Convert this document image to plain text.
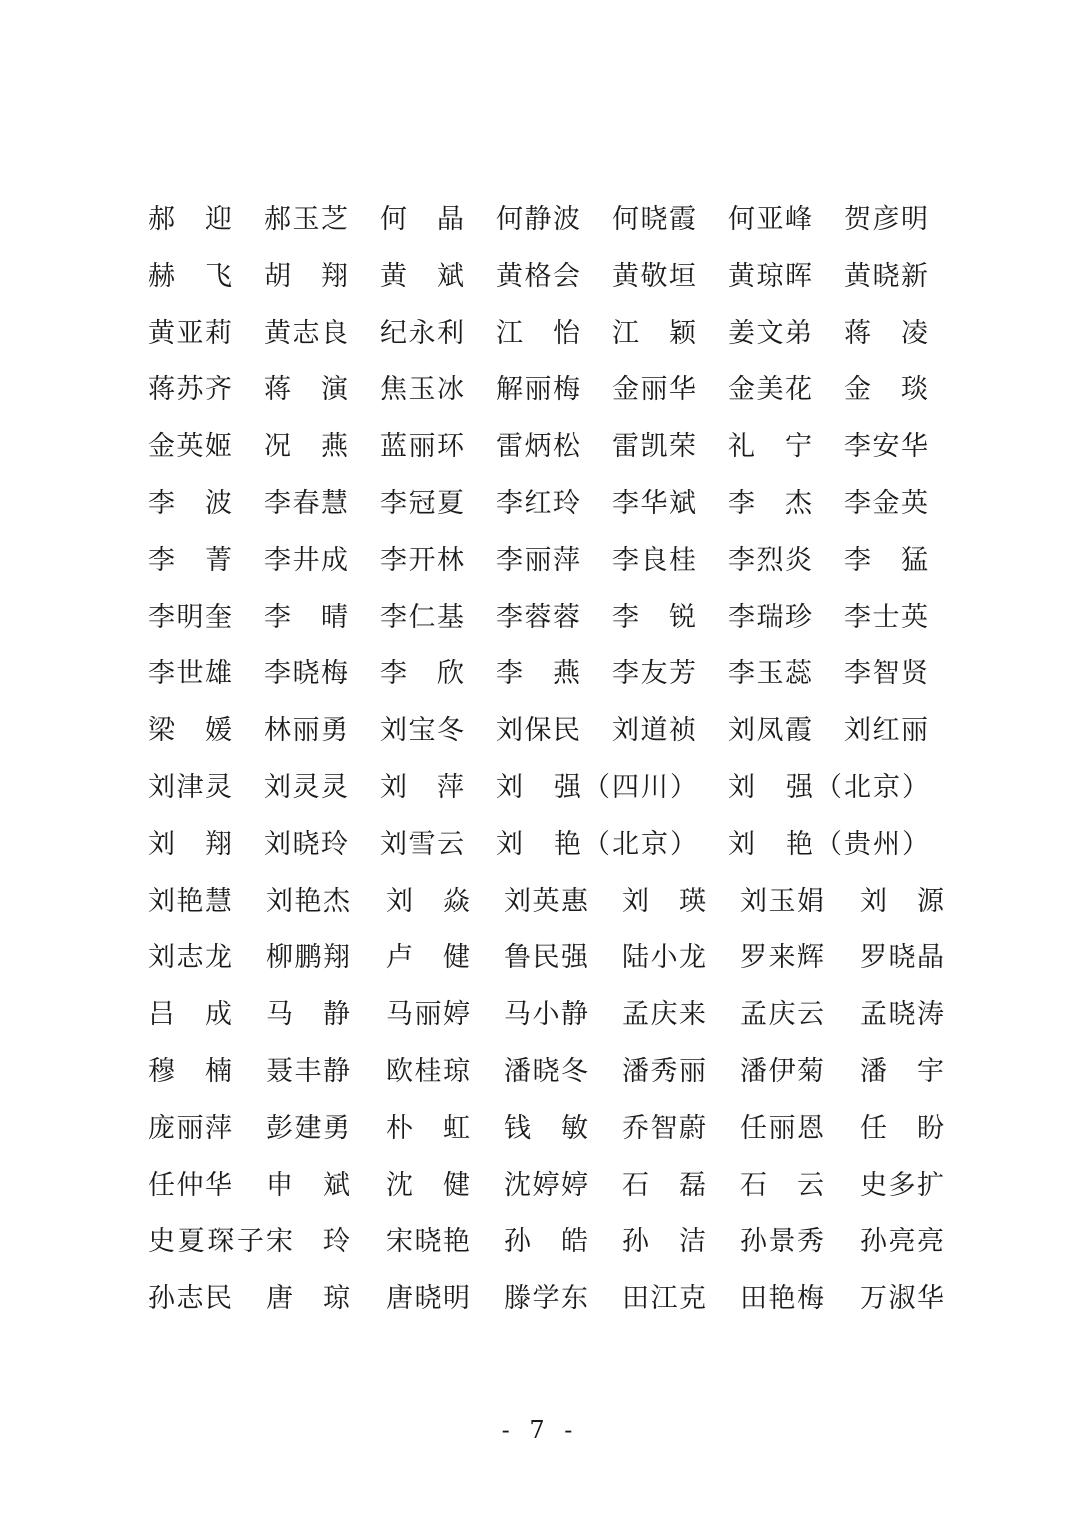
郝
　 迎 郝 玉 芝 何
　 晶 何 静 波 何 晓 霞 何 亚 峰 贺 彦 明
赫
　 飞 胡
　 翔 黄
　 斌 黄 格 会 黄 敬 垣 黄 琼 晖 黄 晓 新
黄 亚 莉 黄 志 良 纪 永 利 江
　 怡 江
　 颖 姜 文 弟 蒋
　 凌
蒋 苏 齐 蒋
　 演 焦 玉 冰 解 丽 梅 金 丽 华 金 美 花 金
　 琰
金 英 姬 况
　 燕 蓝 丽 环 雷 炳 松 雷 凯 荣 礼
　 宁 李 安 华
李
　 波 李 春 慧 李 冠 夏 李 红 玲 李 华 斌 李
　 杰 李 金 英
李
　 菁 李 井 成 李 开 林 李 丽 萍 李 良 桂 李 烈 炎 李
　 猛
李 明 奎 李
　 晴 李 仁 基 李 蓉 蓉 李
　 锐 李 瑞 珍 李 士 英
李 世 雄 李 晓 梅 李
　 欣 李
　 燕 李 友 芳 李 玉 蕊 李 智 贤
梁
　 媛 林 丽 勇 刘 宝 冬 刘 保 民 刘 道 祯 刘 凤 霞 刘 红 丽
刘 津 灵 刘 灵 灵 刘
　 萍 刘　强（四川） 刘　强（北京）
刘
　 翔 刘 晓 玲 刘 雪 云 刘　艳（北京） 刘　艳（贵州）
刘 艳 慧 刘 艳 杰 刘
　 焱 刘 英 惠 刘
　 瑛 刘 玉 娟 刘
　 源
刘 志 龙 柳 鹏 翔 卢
　 健 鲁 民 强 陆 小 龙 罗 来 辉 罗 晓 晶
吕
　 成 马
　 静 马 丽 婷 马 小 静 孟 庆 来 孟 庆 云 孟 晓 涛
穆
　 楠 聂 丰 静 欧 桂 琼 潘 晓 冬 潘 秀 丽 潘 伊 菊 潘
　 宇
庞 丽 萍 彭 建 勇 朴
　 虹 钱
　 敏 乔 智 蔚 任 丽 恩 任
　 盼
任 仲 华 申
　 斌 沈
　 健 沈 婷 婷 石
　 磊 石
　 云 史 多 扩
史 夏 琛 子 宋
　 玲 宋 晓 艳 孙
　 皓 孙
　 洁 孙 景 秀 孙 亮 亮
孙 志 民 唐
　 琼 唐 晓 明 滕 学 东 田 江 克 田 艳 梅 万 淑 华
- 7 -
